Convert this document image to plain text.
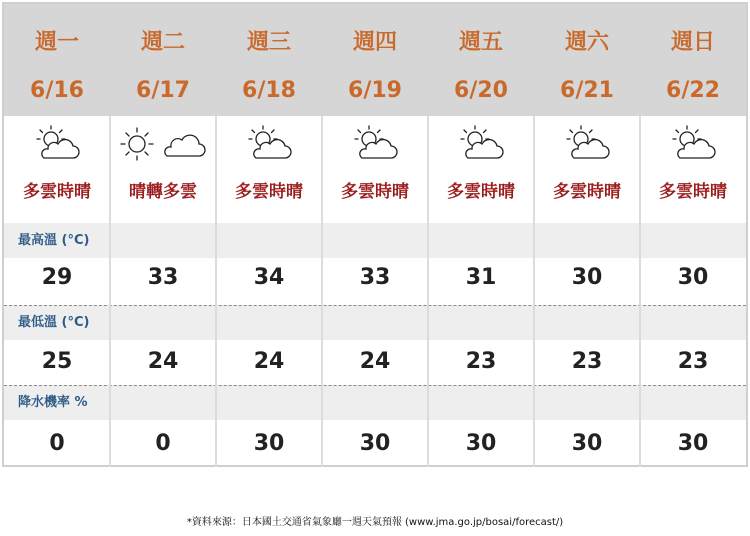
週一
6/16
週二
6/17
週三
6/18
週四
6/19
週五
6/20
週六
6/21
週日
6/22
最高溫 (°C)
最低溫 (°C)
降水機率 %
多雲時晴
29
25
0
晴轉多雲
33
24
0
多雲時晴
34
24
30
多雲時晴
33
24
30
多雲時晴
31
23
30
多雲時晴
30
23
30
多雲時晴
30
23
30
*資料來源：日本國土交通省氣象廳一週天氣預報 (www.jma.go.jp/bosai/forecast/)
